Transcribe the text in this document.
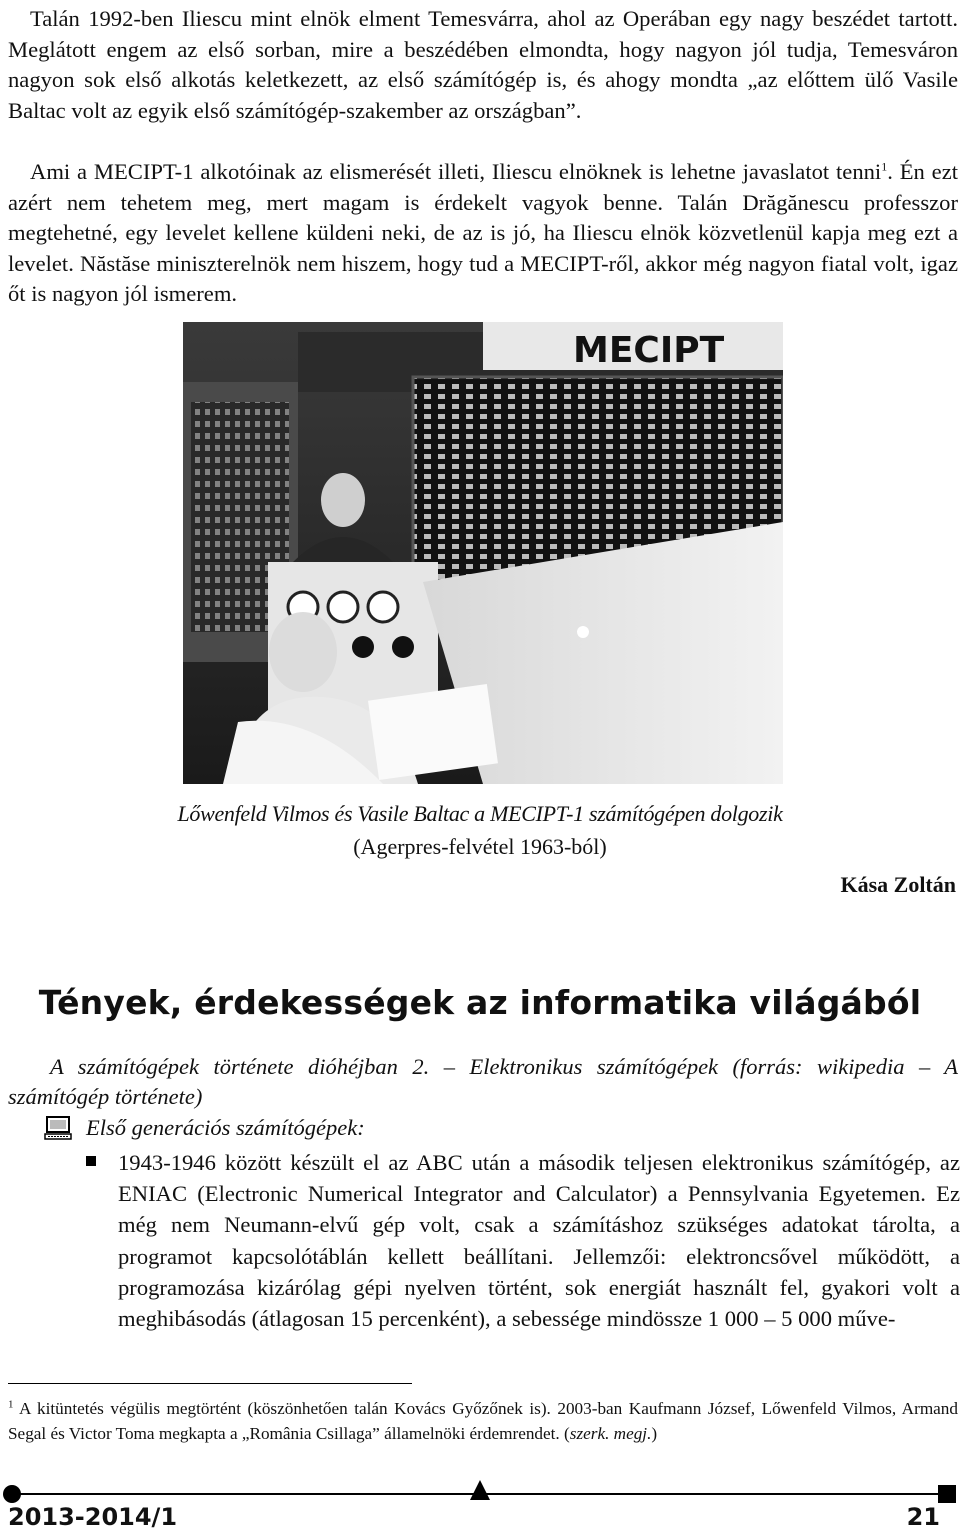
Talán 1992-ben Iliescu mint elnök elment Temesvárra, ahol az Operában egy nagy beszédet tartott. Meglátott engem az első sorban, mire a beszédében elmondta, hogy nagyon jól tudja, Temesváron nagyon sok első alkotás keletkezett, az első számítógép is, és ahogy mondta „az előttem ülő Vasile Baltac volt az egyik első számítógép-szakember az országban”.

Ami a MECIPT-1 alkotóinak az elismerését illeti, Iliescu elnöknek is lehetne javaslatot tenni$^1$. Én ezt azért nem tehetem meg, mert magam is érdekelt vagyok benne. Talán Drăgănescu professzor megtehetné, egy levelet kellene küldeni neki, de az is jó, ha Iliescu elnök közvetlenül kapja meg ezt a levelet. Năstăse miniszterelnök nem hiszem, hogy tud a MECIPT-ről, akkor még nagyon fiatal volt, igaz őt is nagyon jól ismerem.

MECIPT

Lőwenfeld Vilmos és Vasile Baltac a MECIPT-1 számítógépen dolgozik

(Agerpres-felvétel 1963-ból)

Kása Zoltán

Tények, érdekességek az informatika világából

A számítógépek története dióhéjban 2. – Elektronikus számítógépek (forrás: wikipedia – A számítógép története)

Első generációs számítógépek:

1943-1946 között készült el az ABC után a második teljesen elektronikus számítógép, az ENIAC (Electronic Numerical Integrator and Calculator) a Pennsylvania Egyetemen. Ez még nem Neumann-elvű gép volt, csak a számításhoz szükséges adatokat tárolta, a programot kapcsolótáblán kellett beállítani. Jellemzői: elektroncsővel működött, a programozása kizárólag gépi nyelven történt, sok energiát használt fel, gyakori volt a meghibásodás (átlagosan 15 percenként), a sebessége mindössze 1 000 – 5 000 műve-

$^1$ A kitüntetés végülis megtörtént (köszönhetően talán Kovács Győzőnek is). 2003-ban Kaufmann József, Lőwenfeld Vilmos, Armand Segal és Victor Toma megkapta a „România Csillaga” államelnöki érdemrendet. (szerk. megj.)

2013-2014/1	21
